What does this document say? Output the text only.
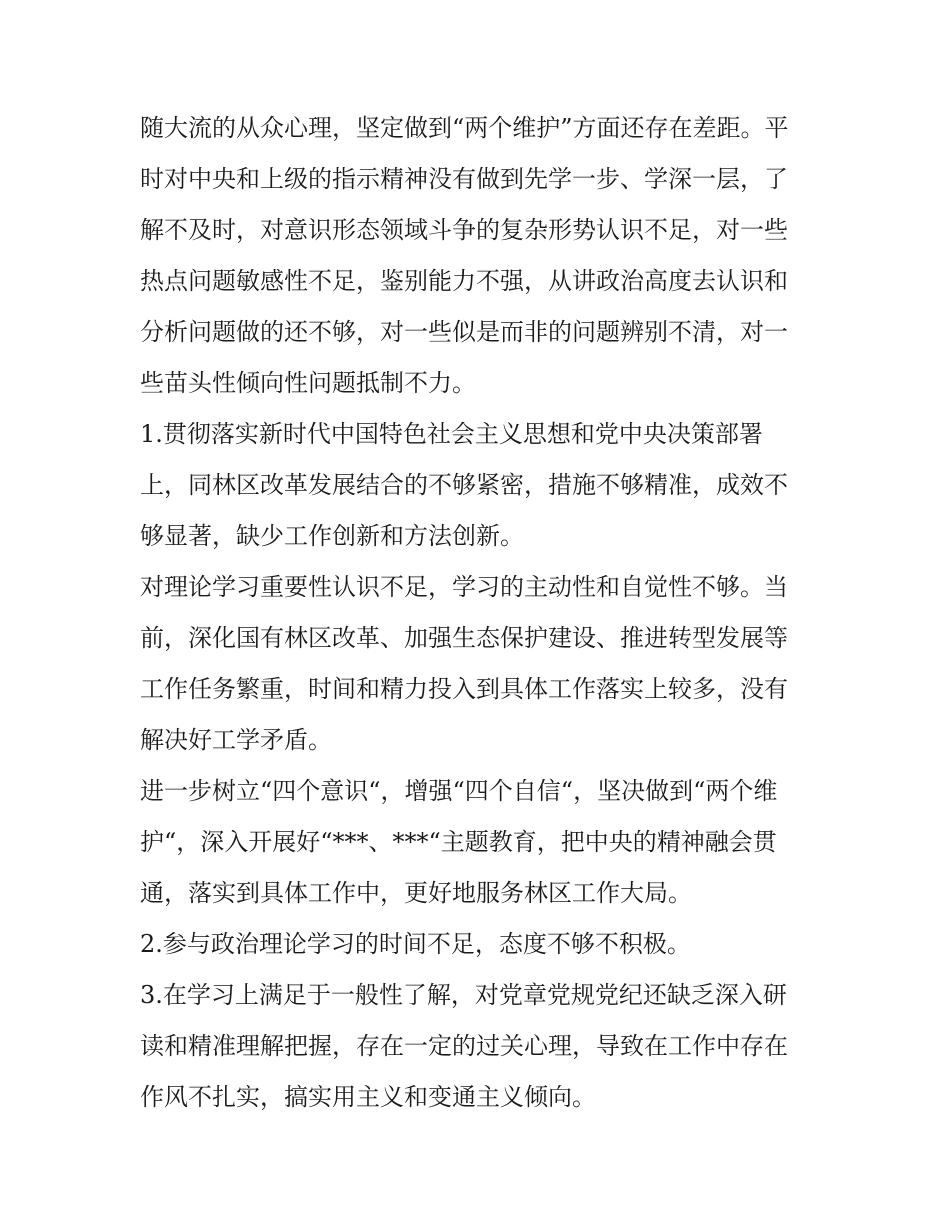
随大流的从众心理，坚定做到“两个维护”方面还存在差距。平
时对中央和上级的指示精神没有做到先学一步、学深一层，了
解不及时，对意识形态领域斗争的复杂形势认识不足，对一些
热点问题敏感性不足，鉴别能力不强，从讲政治高度去认识和
分析问题做的还不够，对一些似是而非的问题辨别不清，对一
些苗头性倾向性问题抵制不力。
1.贯彻落实新时代中国特色社会主义思想和党中央决策部署
上，同林区改革发展结合的不够紧密，措施不够精准，成效不
够显著，缺少工作创新和方法创新。
对理论学习重要性认识不足，学习的主动性和自觉性不够。当
前，深化国有林区改革、加强生态保护建设、推进转型发展等
工作任务繁重，时间和精力投入到具体工作落实上较多，没有
解决好工学矛盾。
进一步树立“四个意识“，增强“四个自信“，坚决做到“两个维
护“，深入开展好“***、***“主题教育，把中央的精神融会贯
通，落实到具体工作中，更好地服务林区工作大局。
2.参与政治理论学习的时间不足，态度不够不积极。
3.在学习上满足于一般性了解，对党章党规党纪还缺乏深入研
读和精准理解把握，存在一定的过关心理，导致在工作中存在
作风不扎实，搞实用主义和变通主义倾向。
